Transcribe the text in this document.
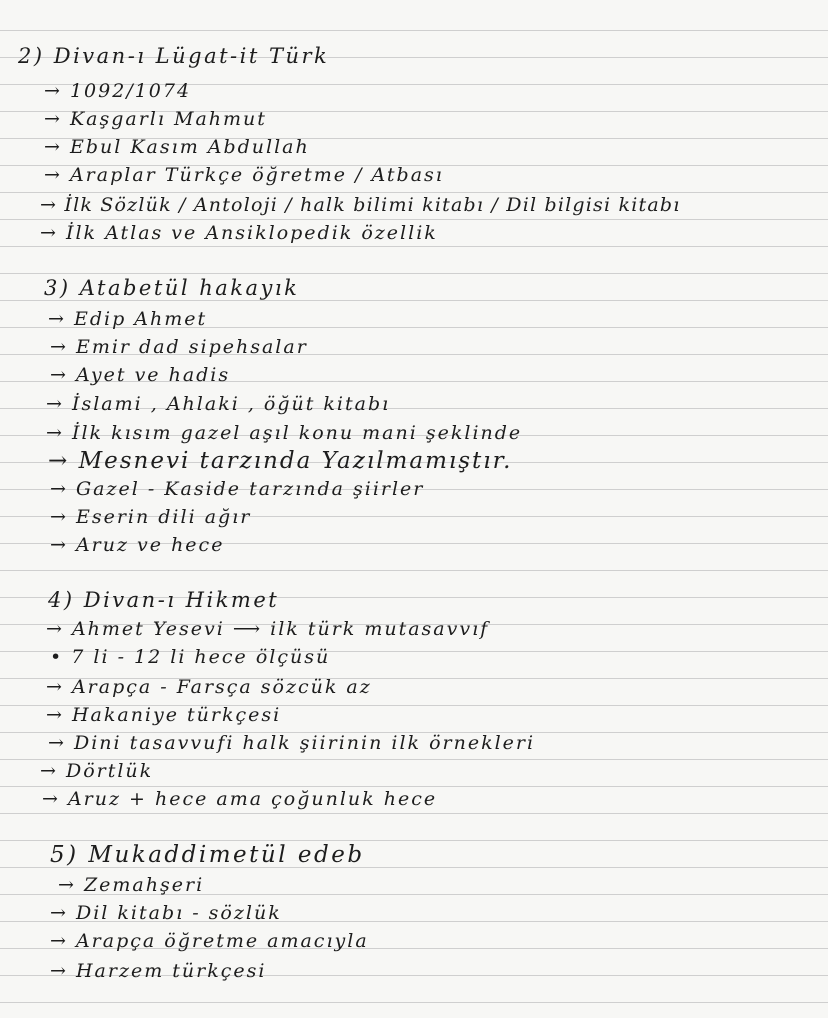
2) Divan-ı Lügat-it Türk
→ 1092/1074
→ Kaşgarlı Mahmut
→ Ebul Kasım Abdullah
→ Araplar Türkçe öğretme / Atbası
→ İlk Sözlük / Antoloji / halk bilimi kitabı / Dil bilgisi kitabı
→ İlk Atlas ve Ansiklopedik özellik
3) Atabetül hakayık
→ Edip Ahmet
→ Emir dad sipehsalar
→ Ayet ve hadis
→ İslami , Ahlaki , öğüt kitabı
→ İlk kısım gazel aşıl konu mani şeklinde
→ Mesnevi tarzında Yazılmamıştır.
→ Gazel - Kaside tarzında şiirler
→ Eserin dili ağır
→ Aruz ve hece
4) Divan-ı Hikmet
→ Ahmet Yesevi ⟶ ilk türk mutasavvıf
• 7 li - 12 li hece ölçüsü
→ Arapça - Farsça sözcük az
→ Hakaniye türkçesi
→ Dini tasavvufi halk şiirinin ilk örnekleri
→ Dörtlük
→ Aruz + hece ama çoğunluk hece
5) Mukaddimetül edeb
→ Zemahşeri
→ Dil kitabı - sözlük
→ Arapça öğretme amacıyla
→ Harzem türkçesi
